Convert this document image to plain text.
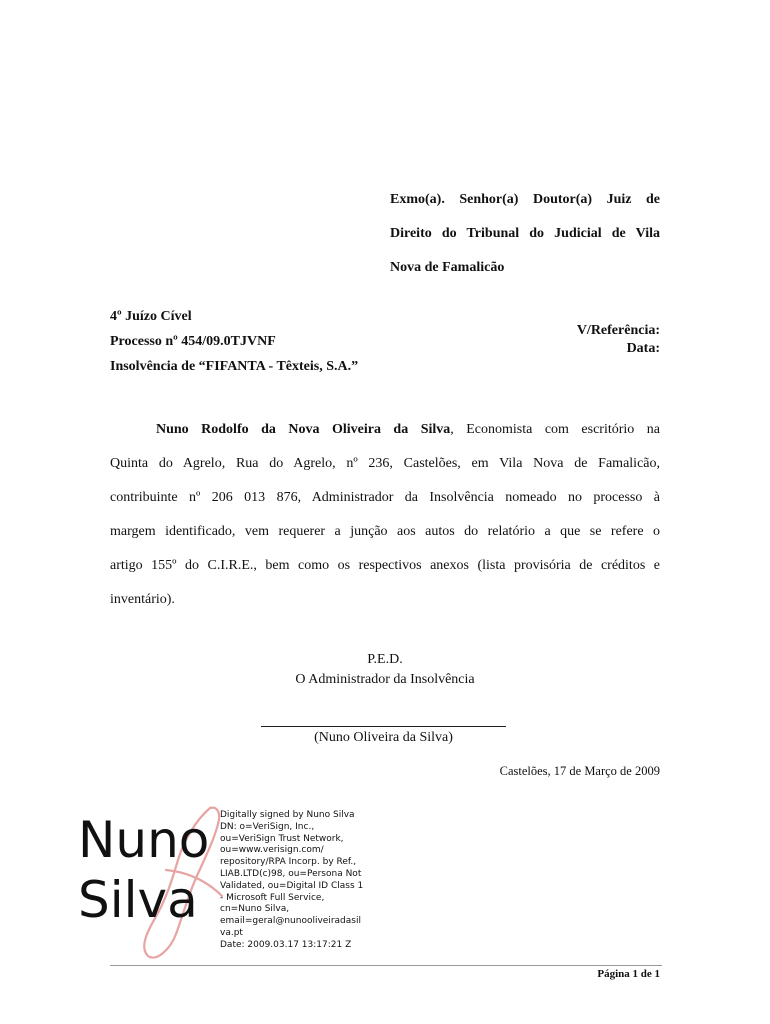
Exmo(a). Senhor(a) Doutor(a) Juiz de
Direito do Tribunal do Judicial de Vila
Nova de Famalicão
4º Juízo Cível
Processo nº 454/09.0TJVNF
Insolvência de “FIFANTA - Têxteis, S.A.”
V/Referência:
Data:
Nuno Rodolfo da Nova Oliveira da Silva, Economista com escritório na
Quinta do Agrelo, Rua do Agrelo, nº 236, Castelões, em Vila Nova de Famalicão,
contribuinte nº 206 013 876, Administrador da Insolvência nomeado no processo à
margem identificado, vem requerer a junção aos autos do relatório a que se refere o
artigo 155º do C.I.R.E., bem como os respectivos anexos (lista provisória de créditos e
inventário).
P.E.D.
O Administrador da Insolvência
(Nuno Oliveira da Silva)
Castelões, 17 de Março de 2009
Nuno
Silva
Digitally signed by Nuno Silva
DN: o=VeriSign, Inc.,
ou=VeriSign Trust Network,
ou=www.verisign.com/
repository/RPA Incorp. by Ref.,
LIAB.LTD(c)98, ou=Persona Not
Validated, ou=Digital ID Class 1
- Microsoft Full Service,
cn=Nuno Silva,
email=geral@nunooliveiradasil
va.pt
Date: 2009.03.17 13:17:21 Z
Página 1 de 1
